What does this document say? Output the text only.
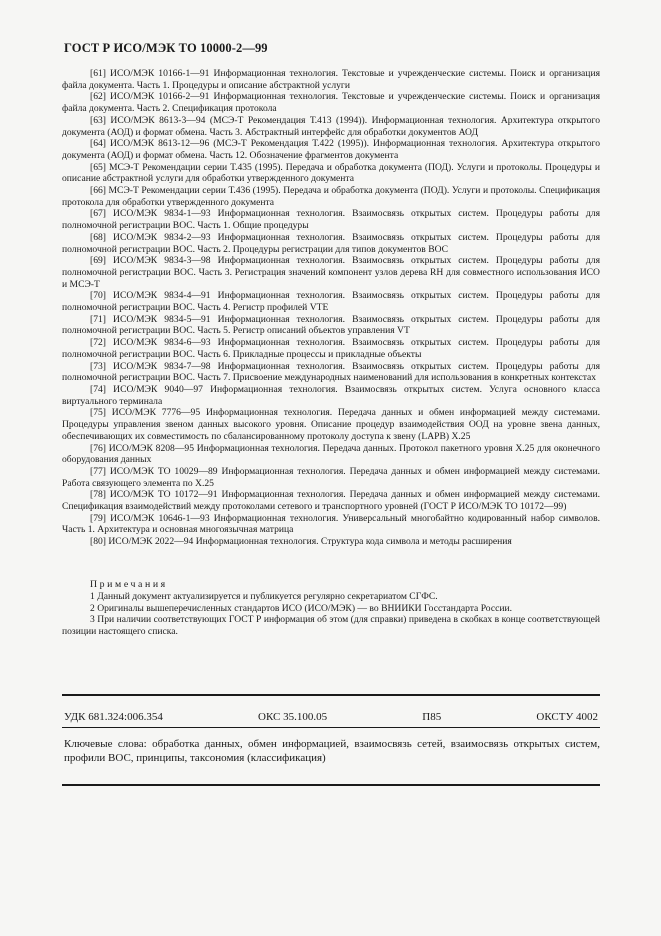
ГОСТ Р ИСО/МЭК ТО 10000-2—99

[61] ИСО/МЭК 10166-1—91 Информационная технология. Текстовые и учрежденческие системы. Поиск и организация файла документа. Часть 1. Процедуры и описание абстрактной услуги

[62] ИСО/МЭК 10166-2—91 Информационная технология. Текстовые и учрежденческие системы. Поиск и организация файла документа. Часть 2. Спецификация протокола

[63] ИСО/МЭК 8613-3—94 (МСЭ-Т Рекомендация Т.413 (1994)). Информационная технология. Архитектура открытого документа (АОД) и формат обмена. Часть 3. Абстрактный интерфейс для обработки документов АОД

[64] ИСО/МЭК 8613-12—96 (МСЭ-Т Рекомендация Т.422 (1995)). Информационная технология. Архитектура открытого документа (АОД) и формат обмена. Часть 12. Обозначение фрагментов документа

[65] МСЭ-Т Рекомендации серии Т.435 (1995). Передача и обработка документа (ПОД). Услуги и протоколы. Процедуры и описание абстрактной услуги для обработки утвержденного документа

[66] МСЭ-Т Рекомендации серии Т.436 (1995). Передача и обработка документа (ПОД). Услуги и протоколы. Спецификация протокола для обработки утвержденного документа

[67] ИСО/МЭК 9834-1—93 Информационная технология. Взаимосвязь открытых систем. Процедуры работы для полномочной регистрации ВОС. Часть 1. Общие процедуры

[68] ИСО/МЭК 9834-2—93 Информационная технология. Взаимосвязь открытых систем. Процедуры работы для полномочной регистрации ВОС. Часть 2. Процедуры регистрации для типов документов ВОС

[69] ИСО/МЭК 9834-3—98 Информационная технология. Взаимосвязь открытых систем. Процедуры работы для полномочной регистрации ВОС. Часть 3. Регистрация значений компонент узлов дерева RH для совместного использования ИСО и МСЭ-Т

[70] ИСО/МЭК 9834-4—91 Информационная технология. Взаимосвязь открытых систем. Процедуры работы для полномочной регистрации ВОС. Часть 4. Регистр профилей VTE

[71] ИСО/МЭК 9834-5—91 Информационная технология. Взаимосвязь открытых систем. Процедуры работы для полномочной регистрации ВОС. Часть 5. Регистр описаний объектов управления VT

[72] ИСО/МЭК 9834-6—93 Информационная технология. Взаимосвязь открытых систем. Процедуры работы для полномочной регистрации ВОС. Часть 6. Прикладные процессы и прикладные объекты

[73] ИСО/МЭК 9834-7—98 Информационная технология. Взаимосвязь открытых систем. Процедуры работы для полномочной регистрации ВОС. Часть 7. Присвоение международных наименований для использования в конкретных контекстах

[74] ИСО/МЭК 9040—97 Информационная технология. Взаимосвязь открытых систем. Услуга основного класса виртуального терминала

[75] ИСО/МЭК 7776—95 Информационная технология. Передача данных и обмен информацией между системами. Процедуры управления звеном данных высокого уровня. Описание процедур взаимодействия ООД на уровне звена данных, обеспечивающих их совместимость по сбалансированному протоколу доступа к звену (LAPB) X.25

[76] ИСО/МЭК 8208—95 Информационная технология. Передача данных. Протокол пакетного уровня X.25 для оконечного оборудования данных

[77] ИСО/МЭК ТО 10029—89 Информационная технология. Передача данных и обмен информацией между системами. Работа связующего элемента по X.25

[78] ИСО/МЭК ТО 10172—91 Информационная технология. Передача данных и обмен информацией между системами. Спецификация взаимодействий между протоколами сетевого и транспортного уровней (ГОСТ Р ИСО/МЭК ТО 10172—99)

[79] ИСО/МЭК 10646-1—93 Информационная технология. Универсальный многобайтно кодированный набор символов. Часть 1. Архитектура и основная многоязычная матрица

[80] ИСО/МЭК 2022—94 Информационная технология. Структура кода символа и методы расширения

Примечания

1 Данный документ актуализируется и публикуется регулярно секретариатом СГФС.

2 Оригиналы вышеперечисленных стандартов ИСО (ИСО/МЭК) — во ВНИИКИ Госстандарта России.

3 При наличии соответствующих ГОСТ Р информация об этом (для справки) приведена в скобках в конце соответствующей позиции настоящего списка.

УДК 681.324:006.354	ОКС 35.100.05	П85	ОКСТУ 4002

Ключевые слова: обработка данных, обмен информацией, взаимосвязь сетей, взаимосвязь открытых систем, профили ВОС, принципы, таксономия (классификация)
